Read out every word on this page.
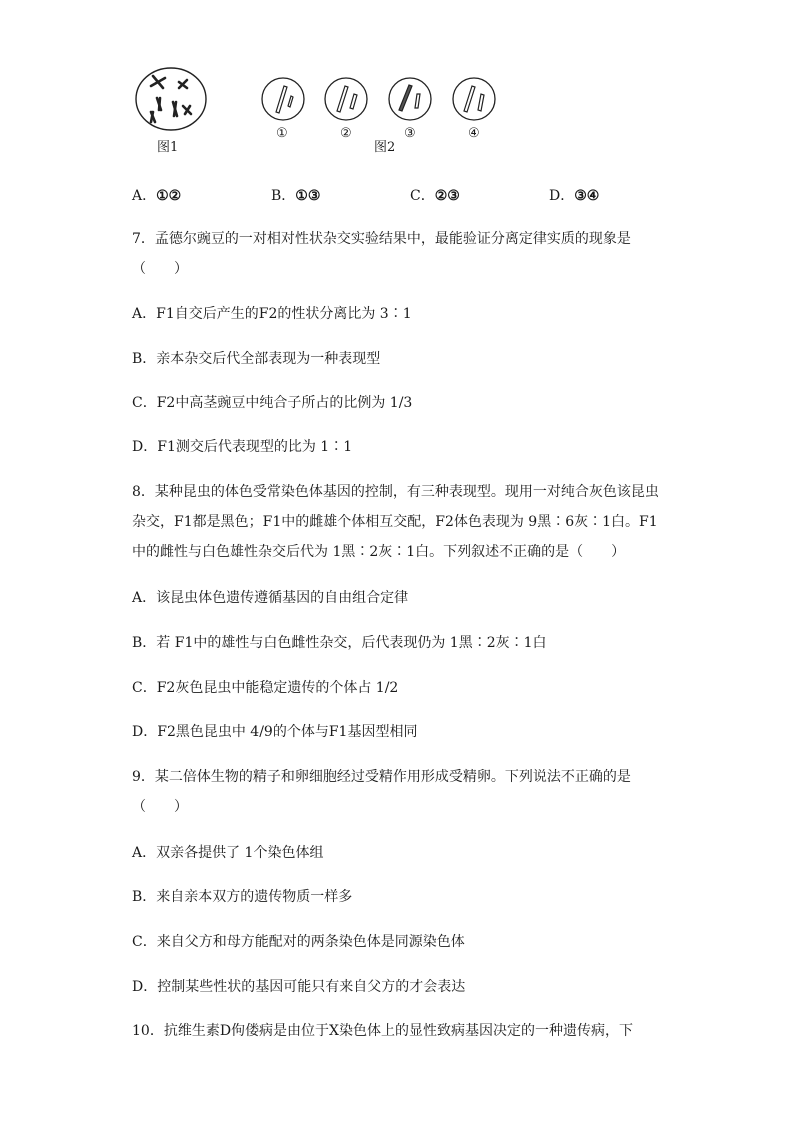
图1
①	②
图2
③	④
A．①②	B．①③	C．②③	D．③④
7．孟德尔豌豆的一对相对性状杂交实验结果中，最能验证分离定律实质的现象是
（　　）
A．F1自交后产生的F2的性状分离比为 3∶1
B．亲本杂交后代全部表现为一种表现型
C．F2中高茎豌豆中纯合子所占的比例为 1/3
D．F1测交后代表现型的比为 1∶1
8．某种昆虫的体色受常染色体基因的控制，有三种表现型。现用一对纯合灰色该昆虫
杂交，F1都是黑色；F1中的雌雄个体相互交配，F2体色表现为 9黑∶6灰∶1白。F1
中的雌性与白色雄性杂交后代为 1黑∶2灰∶1白。下列叙述不正确的是（　　）
A．该昆虫体色遗传遵循基因的自由组合定律
B．若 F1中的雄性与白色雌性杂交，后代表现仍为 1黑∶2灰∶1白
C．F2灰色昆虫中能稳定遗传的个体占 1/2
D．F2黑色昆虫中 4/9的个体与F1基因型相同
9．某二倍体生物的精子和卵细胞经过受精作用形成受精卵。下列说法不正确的是
（　　）
A．双亲各提供了 1个染色体组
B．来自亲本双方的遗传物质一样多
C．来自父方和母方能配对的两条染色体是同源染色体
D．控制某些性状的基因可能只有来自父方的才会表达
10．抗维生素D佝偻病是由位于X染色体上的显性致病基因决定的一种遗传病，下
